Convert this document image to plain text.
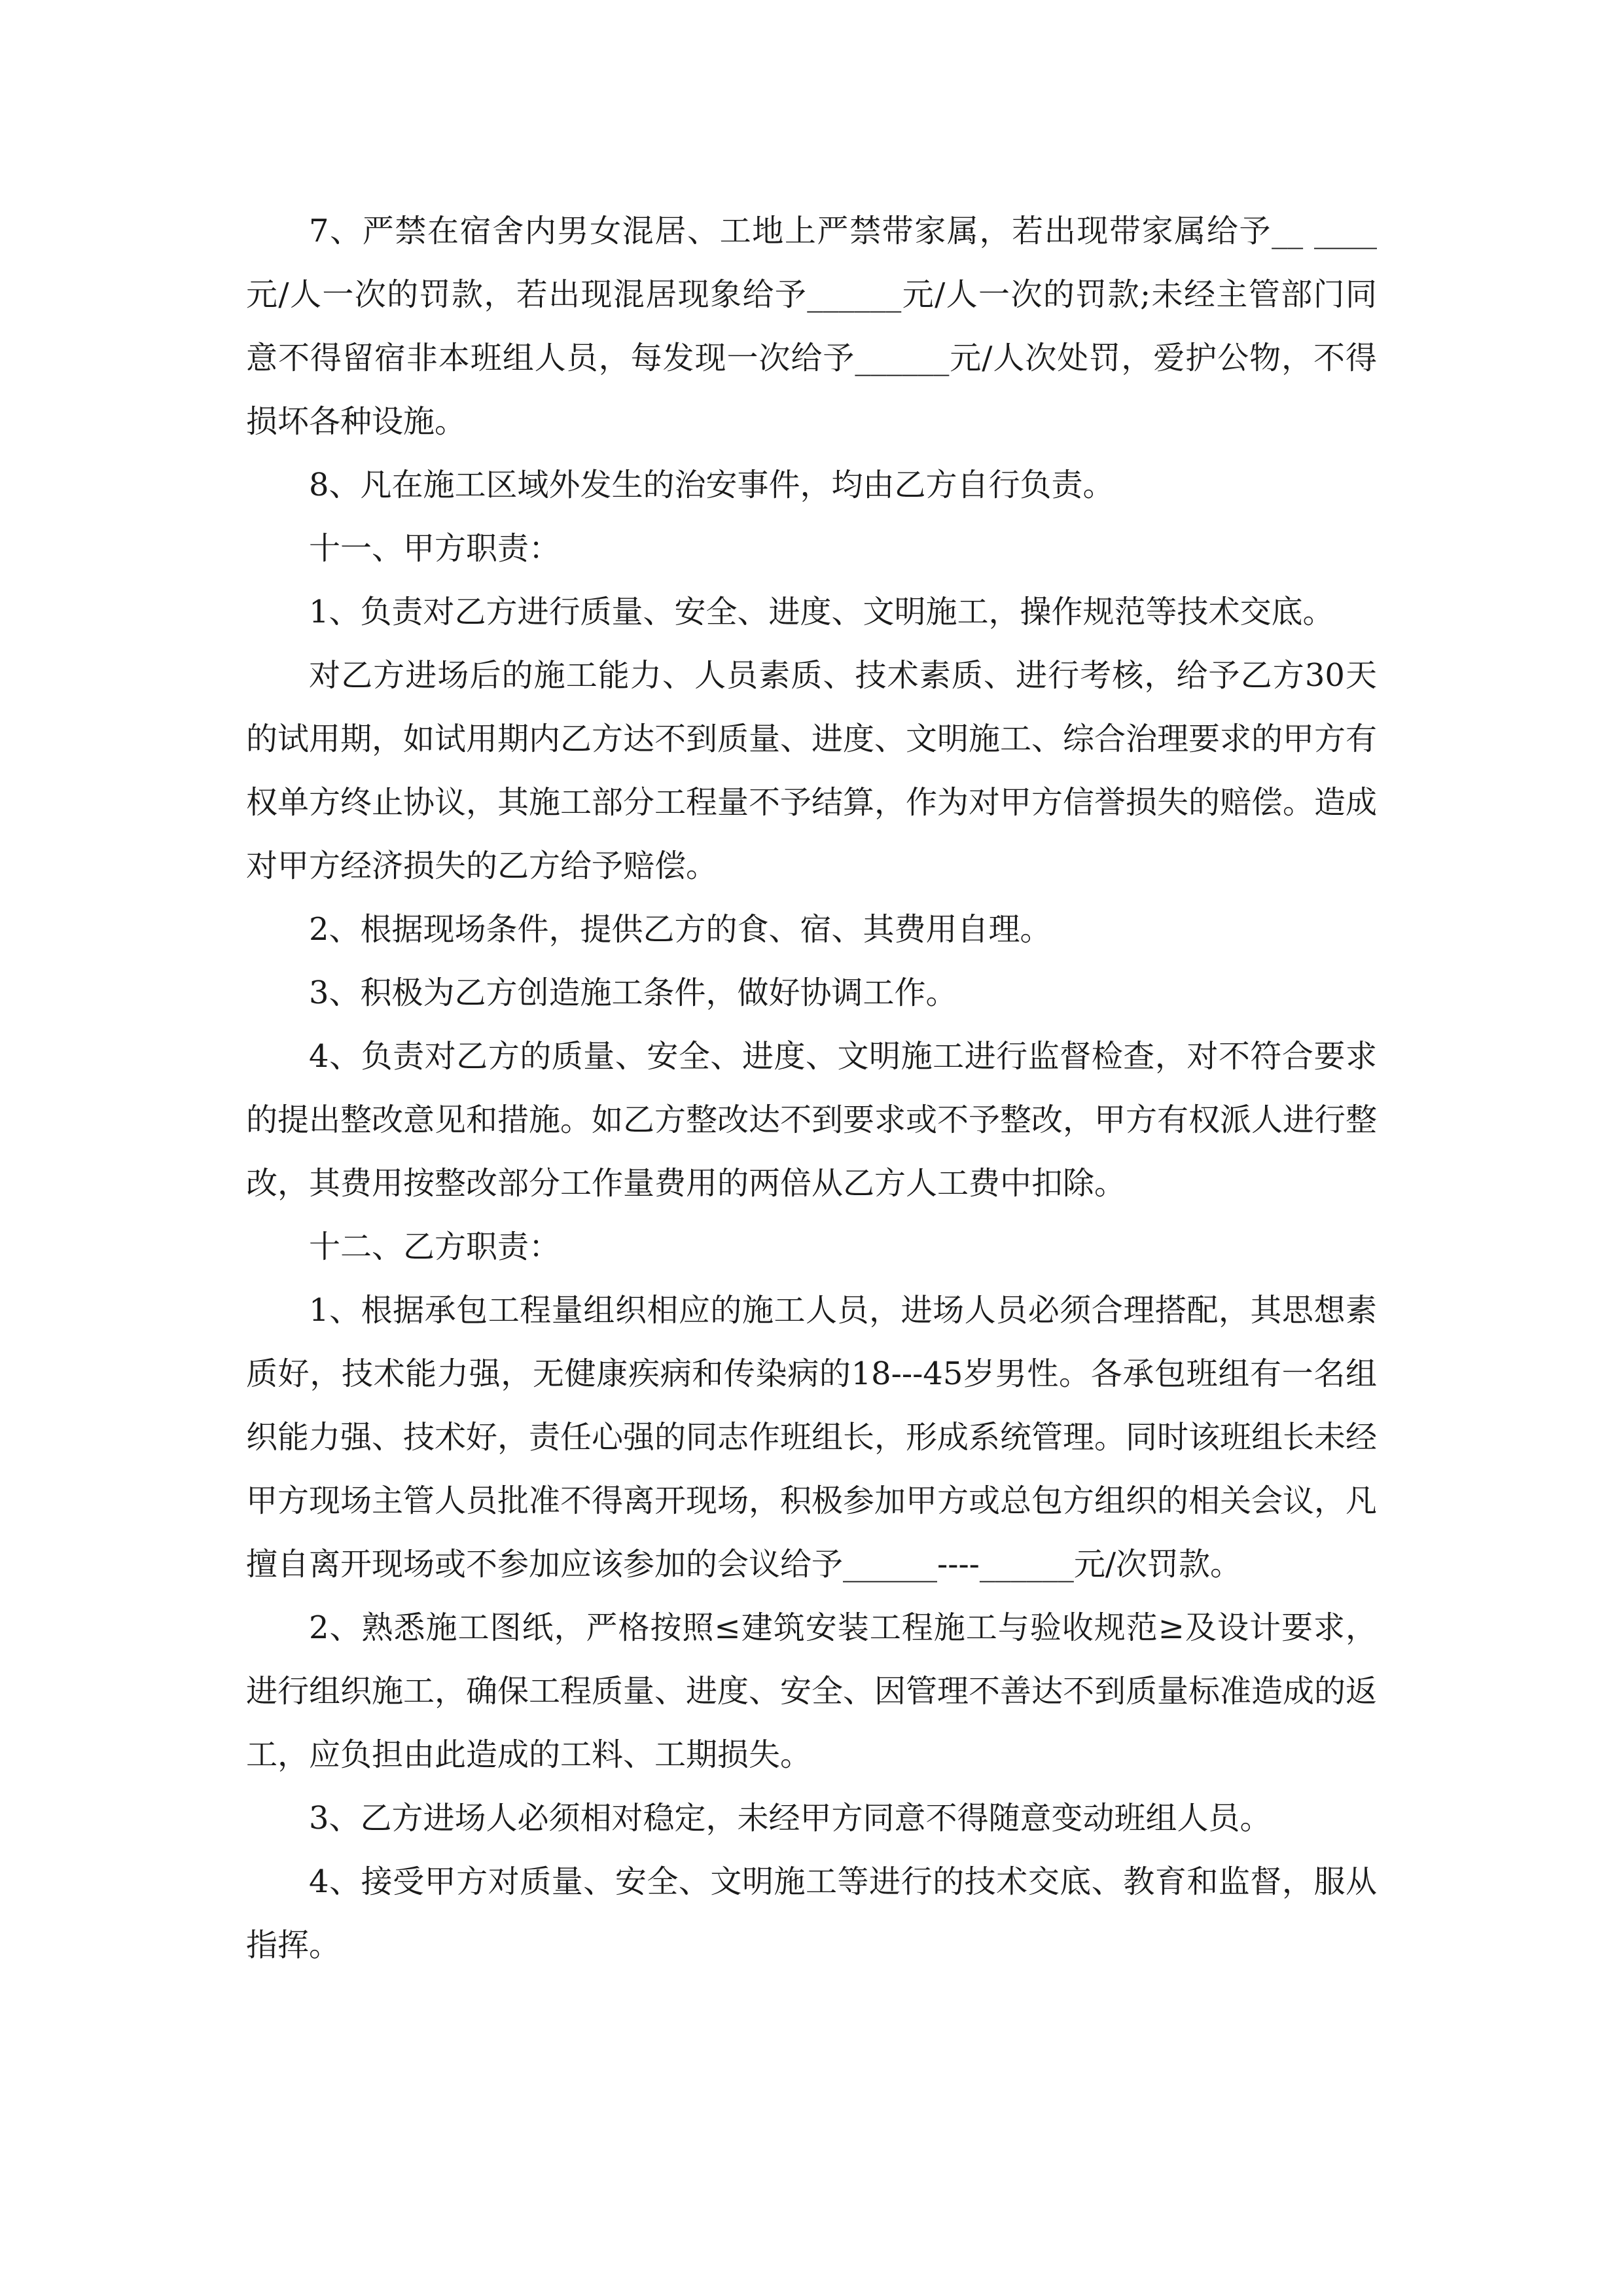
7、严禁在宿舍内男女混居、工地上严禁带家属，若出现带家属给予__ ____元/人一次的罚款，若出现混居现象给予______元/人一次的罚款;未经主管部门同意不得留宿非本班组人员，每发现一次给予______元/人次处罚，爱护公物，不得损坏各种设施。

8、凡在施工区域外发生的治安事件，均由乙方自行负责。

十一、甲方职责：

1、负责对乙方进行质量、安全、进度、文明施工，操作规范等技术交底。

对乙方进场后的施工能力、人员素质、技术素质、进行考核，给予乙方30天的试用期，如试用期内乙方达不到质量、进度、文明施工、综合治理要求的甲方有权单方终止协议，其施工部分工程量不予结算，作为对甲方信誉损失的赔偿。造成对甲方经济损失的乙方给予赔偿。

2、根据现场条件，提供乙方的食、宿、其费用自理。

3、积极为乙方创造施工条件，做好协调工作。

4、负责对乙方的质量、安全、进度、文明施工进行监督检查，对不符合要求的提出整改意见和措施。如乙方整改达不到要求或不予整改，甲方有权派人进行整改，其费用按整改部分工作量费用的两倍从乙方人工费中扣除。

十二、乙方职责：

1、根据承包工程量组织相应的施工人员，进场人员必须合理搭配，其思想素质好，技术能力强，无健康疾病和传染病的18---45岁男性。各承包班组有一名组织能力强、技术好，责任心强的同志作班组长，形成系统管理。同时该班组长未经甲方现场主管人员批准不得离开现场，积极参加甲方或总包方组织的相关会议，凡擅自离开现场或不参加应该参加的会议给予______----______元/次罚款。

2、熟悉施工图纸，严格按照≤建筑安装工程施工与验收规范≥及设计要求，进行组织施工，确保工程质量、进度、安全、因管理不善达不到质量标准造成的返工，应负担由此造成的工料、工期损失。

3、乙方进场人必须相对稳定，未经甲方同意不得随意变动班组人员。

4、接受甲方对质量、安全、文明施工等进行的技术交底、教育和监督，服从指挥。
